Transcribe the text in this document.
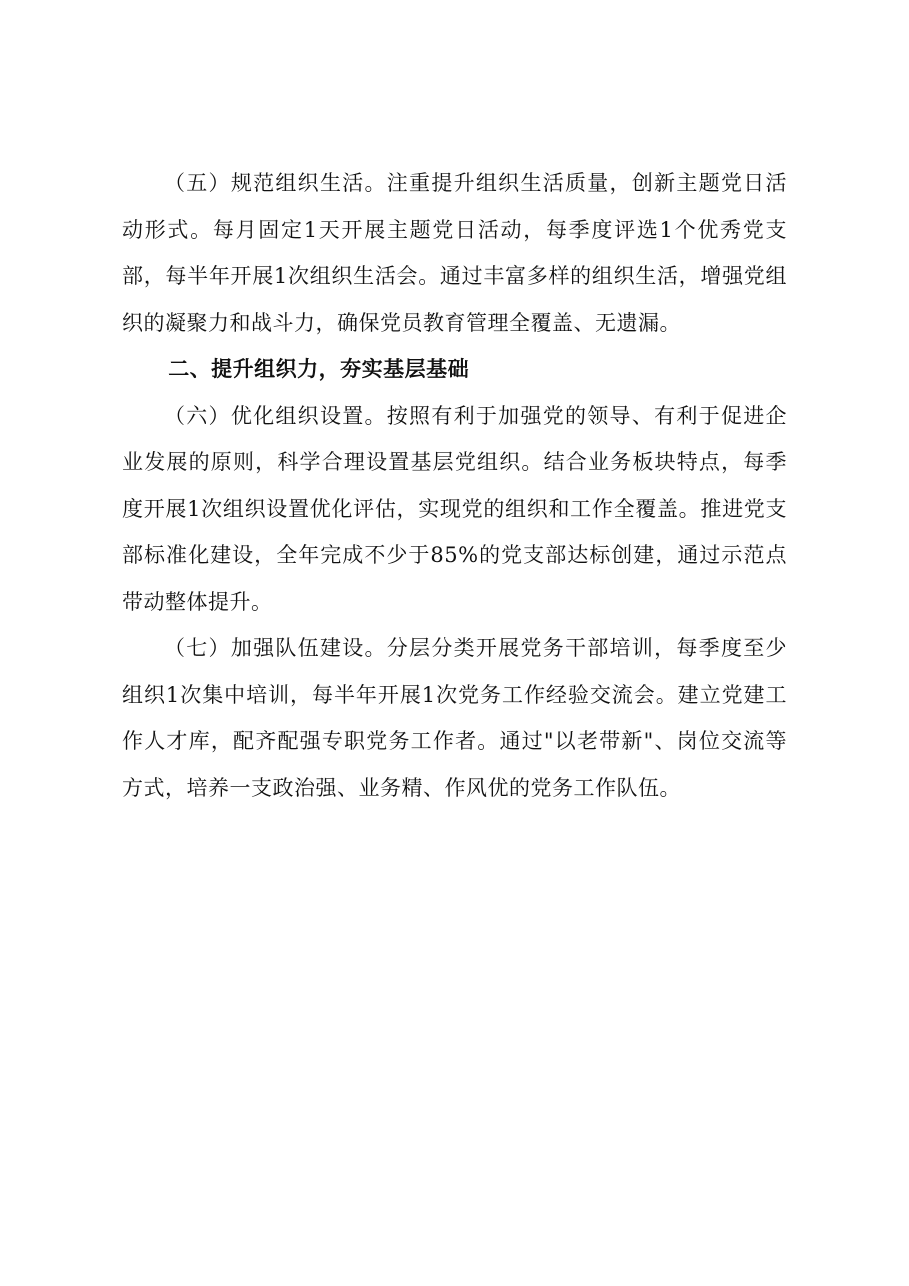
（五）规范组织生活。注重提升组织生活质量，创新主题党日活动形式。每月固定1天开展主题党日活动，每季度评选1个优秀党支部，每半年开展1次组织生活会。通过丰富多样的组织生活，增强党组织的凝聚力和战斗力，确保党员教育管理全覆盖、无遗漏。

二、提升组织力，夯实基层基础

（六）优化组织设置。按照有利于加强党的领导、有利于促进企业发展的原则，科学合理设置基层党组织。结合业务板块特点，每季度开展1次组织设置优化评估，实现党的组织和工作全覆盖。推进党支部标准化建设，全年完成不少于85%的党支部达标创建，通过示范点带动整体提升。

（七）加强队伍建设。分层分类开展党务干部培训，每季度至少组织1次集中培训，每半年开展1次党务工作经验交流会。建立党建工作人才库，配齐配强专职党务工作者。通过"以老带新"、岗位交流等方式，培养一支政治强、业务精、作风优的党务工作队伍。
